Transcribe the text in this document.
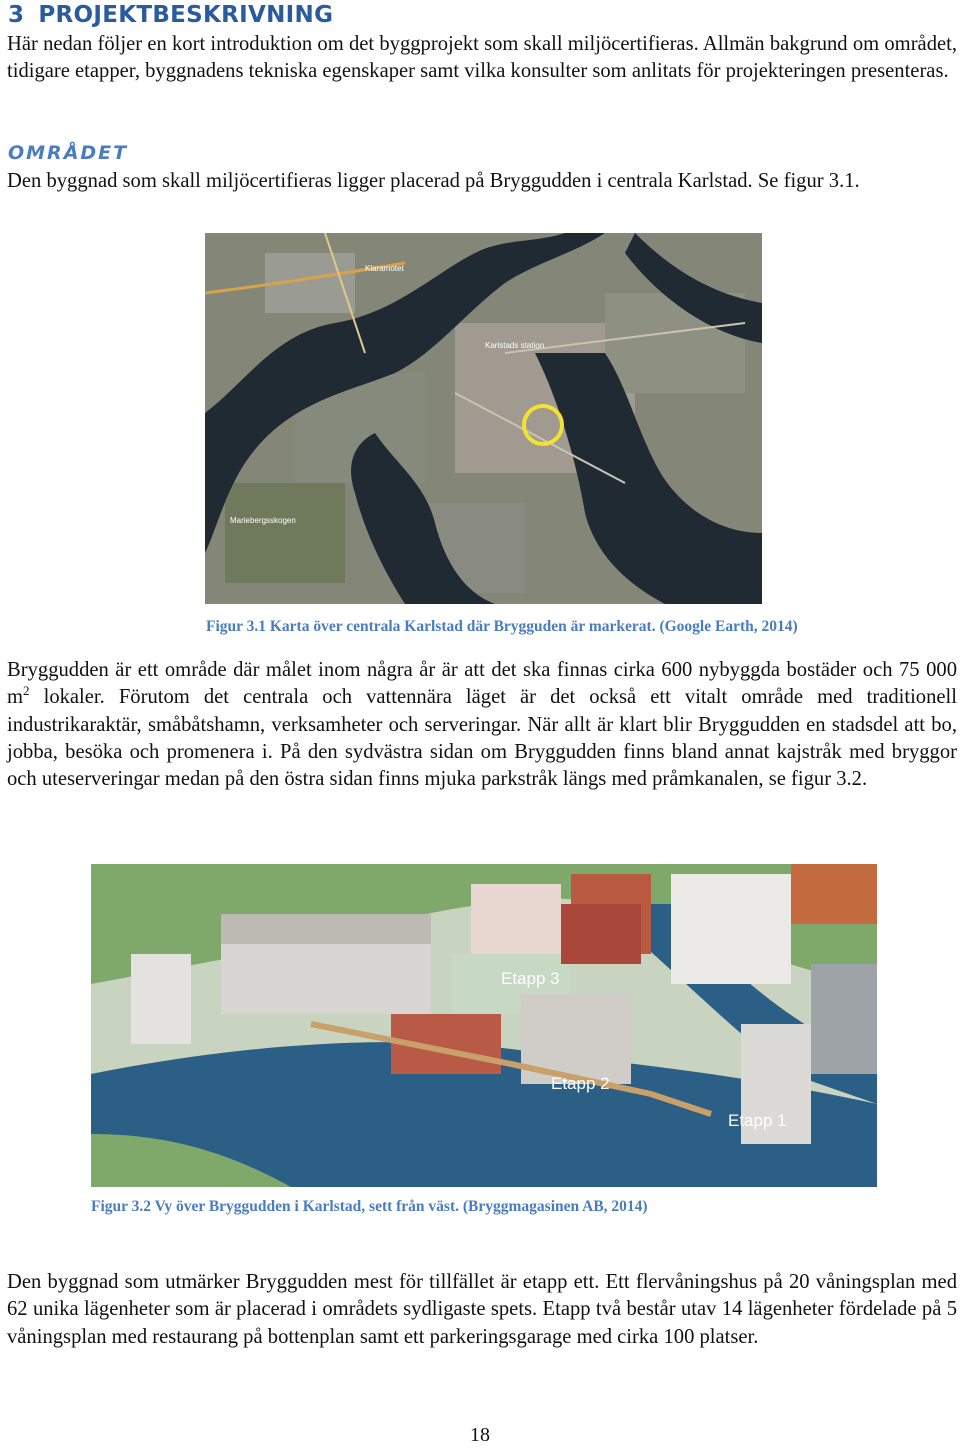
3 PROJEKTBESKRIVNING

Här nedan följer en kort introduktion om det byggprojekt som skall miljöcertifieras. Allmän bakgrund om området, tidigare etapper, byggnadens tekniska egenskaper samt vilka konsulter som anlitats för projekteringen presenteras.

OMRÅDET

Den byggnad som skall miljöcertifieras ligger placerad på Bryggudden i centrala Karlstad. Se figur 3.1.

Klaramotet
Karlstads station
Mariebergsskogen

Figur 3.1 Karta över centrala Karlstad där Brygguden är markerat. (Google Earth, 2014)

Bryggudden är ett område där målet inom några år är att det ska finnas cirka 600 nybyggda bostäder och 75 000 $m^2$ lokaler. Förutom det centrala och vattennära läget är det också ett vitalt område med traditionell industrikaraktär, småbåtshamn, verksamheter och serveringar. När allt är klart blir Bryggudden en stadsdel att bo, jobba, besöka och promenera i. På den sydvästra sidan om Bryggudden finns bland annat kajstråk med bryggor och uteserveringar medan på den östra sidan finns mjuka parkstråk längs med pråmkanalen, se figur 3.2.

Etapp 3
Etapp 2
Etapp 1

Figur 3.2 Vy över Bryggudden i Karlstad, sett från väst. (Bryggmagasinen AB, 2014)

Den byggnad som utmärker Bryggudden mest för tillfället är etapp ett. Ett flervåningshus på 20 våningsplan med 62 unika lägenheter som är placerad i områdets sydligaste spets. Etapp två består utav 14 lägenheter fördelade på 5 våningsplan med restaurang på bottenplan samt ett parkeringsgarage med cirka 100 platser.

18
